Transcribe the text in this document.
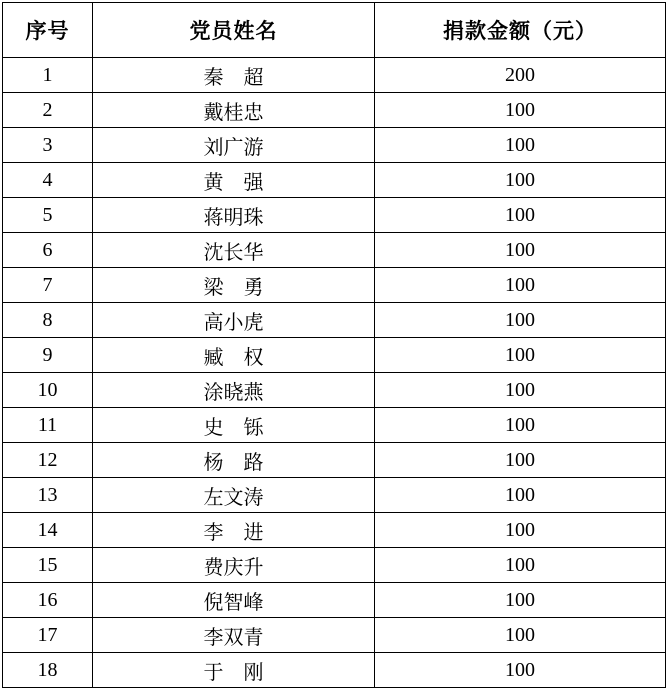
序号	党员姓名	捐款金额（元）
1	秦　超	200
2	戴桂忠	100
3	刘广游	100
4	黄　强	100
5	蒋明珠	100
6	沈长华	100
7	梁　勇	100
8	高小虎	100
9	臧　权	100
10	涂晓燕	100
11	史　铄	100
12	杨　路	100
13	左文涛	100
14	李　进	100
15	费庆升	100
16	倪智峰	100
17	李双青	100
18	于　刚	100
